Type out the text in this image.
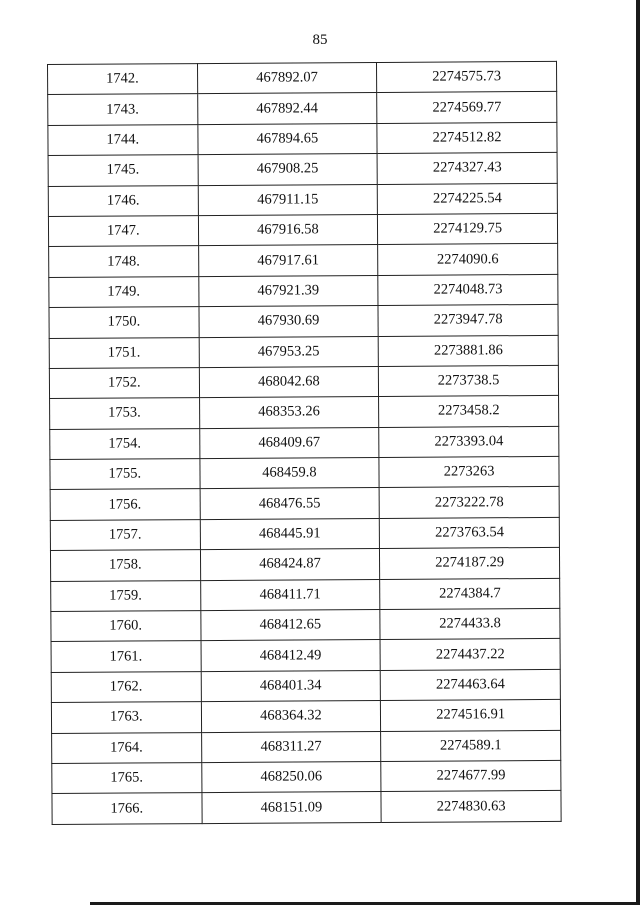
85
1742.	467892.07	2274575.73
1743.	467892.44	2274569.77
1744.	467894.65	2274512.82
1745.	467908.25	2274327.43
1746.	467911.15	2274225.54
1747.	467916.58	2274129.75
1748.	467917.61	2274090.6
1749.	467921.39	2274048.73
1750.	467930.69	2273947.78
1751.	467953.25	2273881.86
1752.	468042.68	2273738.5
1753.	468353.26	2273458.2
1754.	468409.67	2273393.04
1755.	468459.8	2273263
1756.	468476.55	2273222.78
1757.	468445.91	2273763.54
1758.	468424.87	2274187.29
1759.	468411.71	2274384.7
1760.	468412.65	2274433.8
1761.	468412.49	2274437.22
1762.	468401.34	2274463.64
1763.	468364.32	2274516.91
1764.	468311.27	2274589.1
1765.	468250.06	2274677.99
1766.	468151.09	2274830.63
